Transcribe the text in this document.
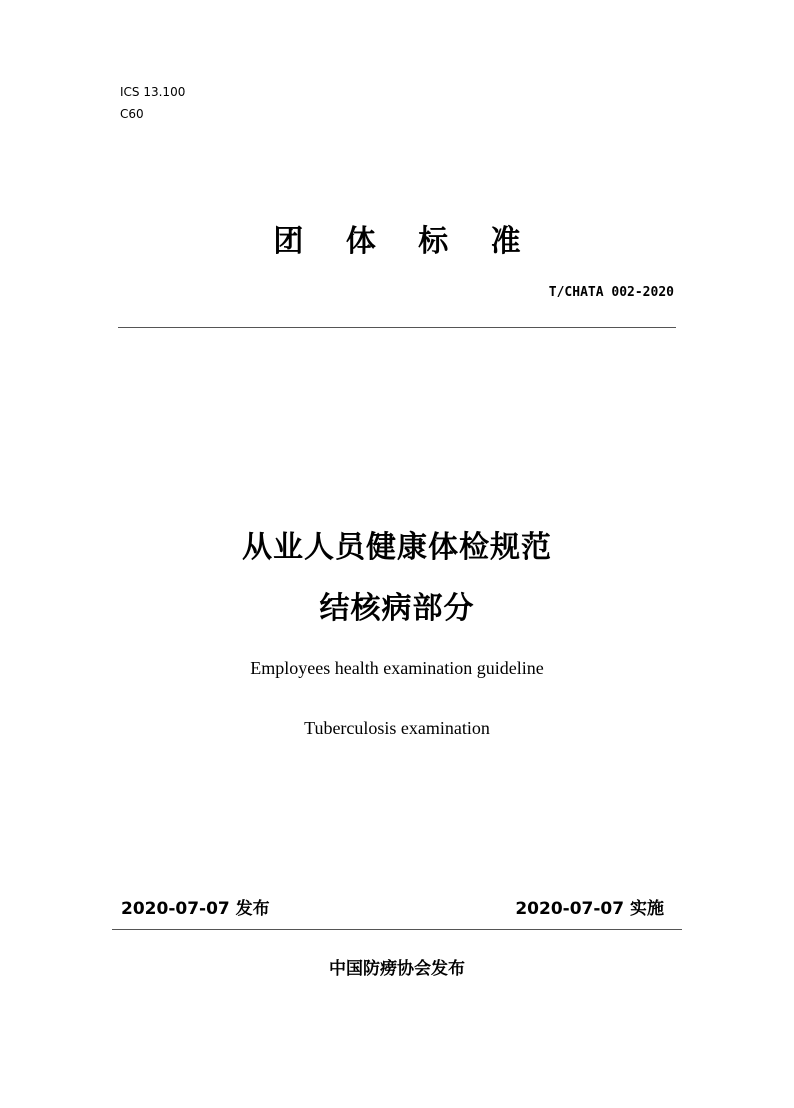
ICS 13.100
C60
团 体 标 准
T/CHATA 002-2020
从业人员健康体检规范
结核病部分
Employees health examination guideline
Tuberculosis examination
2020-07-07 发布	2020-07-07 实施
中国防痨协会发布
